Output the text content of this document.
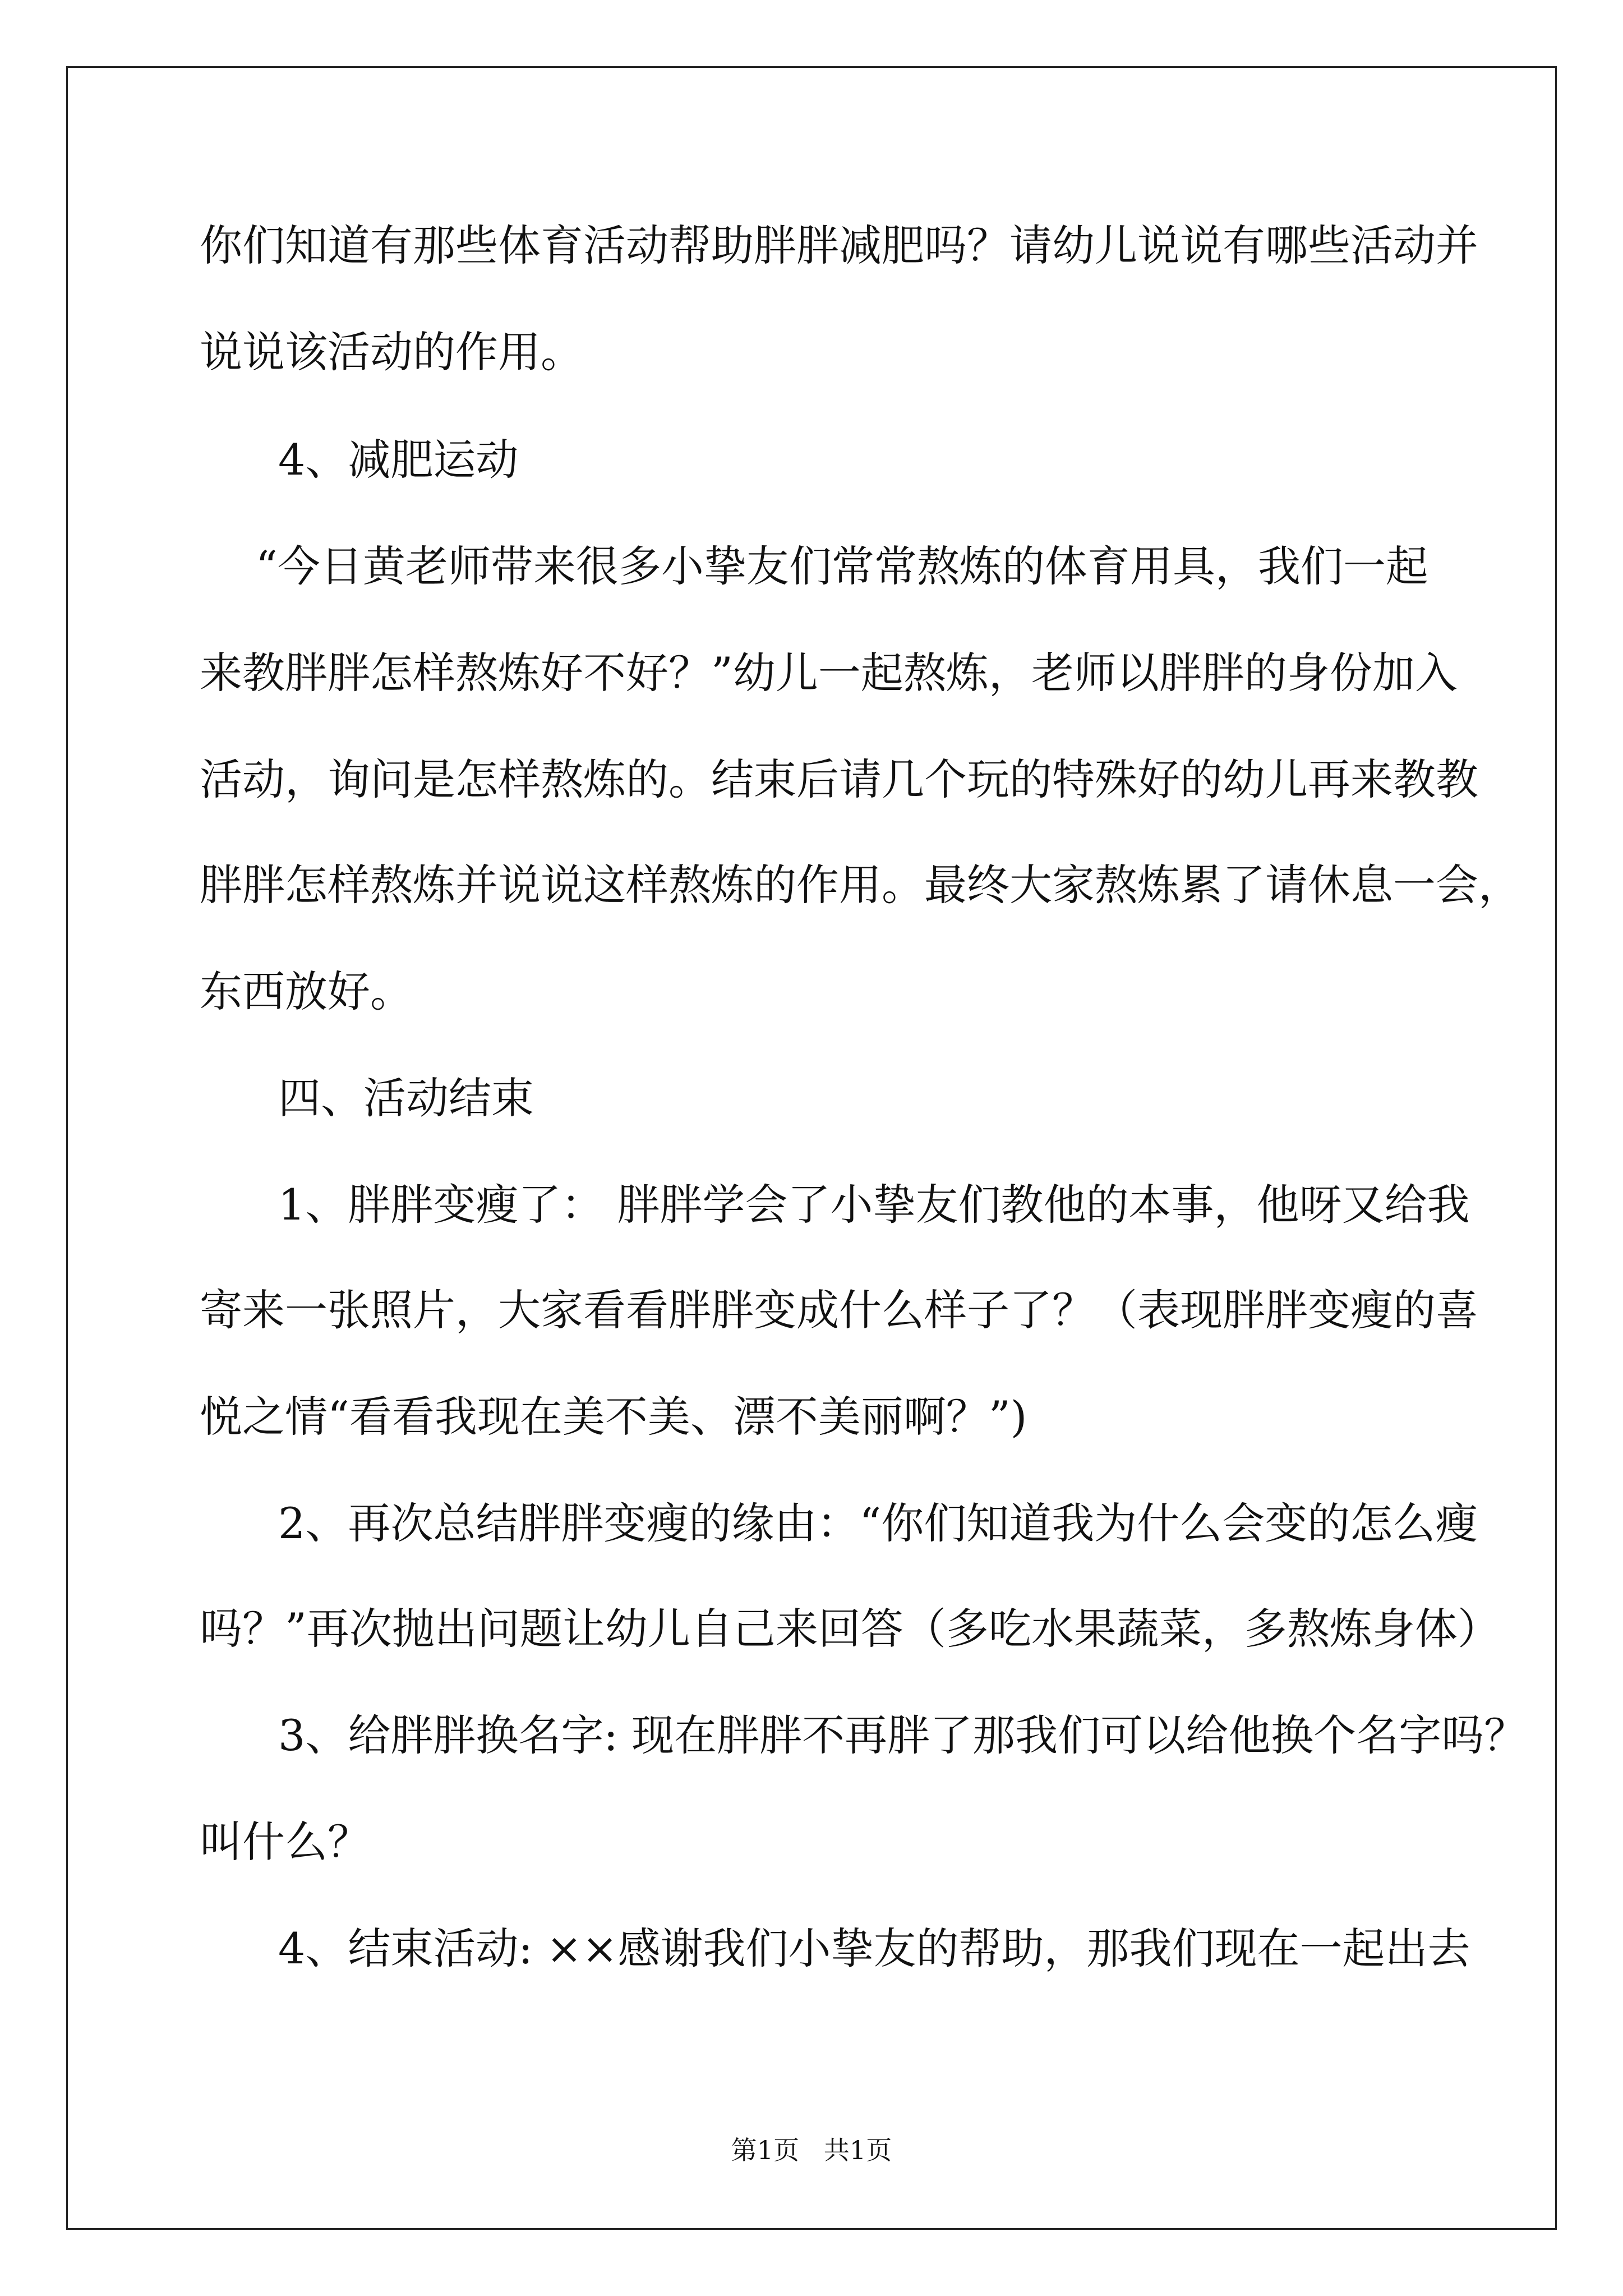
你们知道有那些体育活动帮助胖胖减肥吗？请幼儿说说有哪些活动并
说说该活动的作用。
4、减肥运动
“今日黄老师带来很多小挚友们常常熬炼的体育用具，我们一起
来教胖胖怎样熬炼好不好？”幼儿一起熬炼，老师以胖胖的身份加入
活动，询问是怎样熬炼的。结束后请几个玩的特殊好的幼儿再来教教
胖胖怎样熬炼并说说这样熬炼的作用。最终大家熬炼累了请休息一会，
东西放好。
四、活动结束
1、胖胖变瘦了： 胖胖学会了小挚友们教他的本事，他呀又给我
寄来一张照片，大家看看胖胖变成什么样子了？（表现胖胖变瘦的喜
悦之情“看看我现在美不美、漂不美丽啊？”)
2、再次总结胖胖变瘦的缘由：“你们知道我为什么会变的怎么瘦
吗？”再次抛出问题让幼儿自己来回答（多吃水果蔬菜，多熬炼身体）
3、给胖胖换名字: 现在胖胖不再胖了那我们可以给他换个名字吗？
叫什么？
4、结束活动: ××感谢我们小挚友的帮助，那我们现在一起出去
第1页   共1页
